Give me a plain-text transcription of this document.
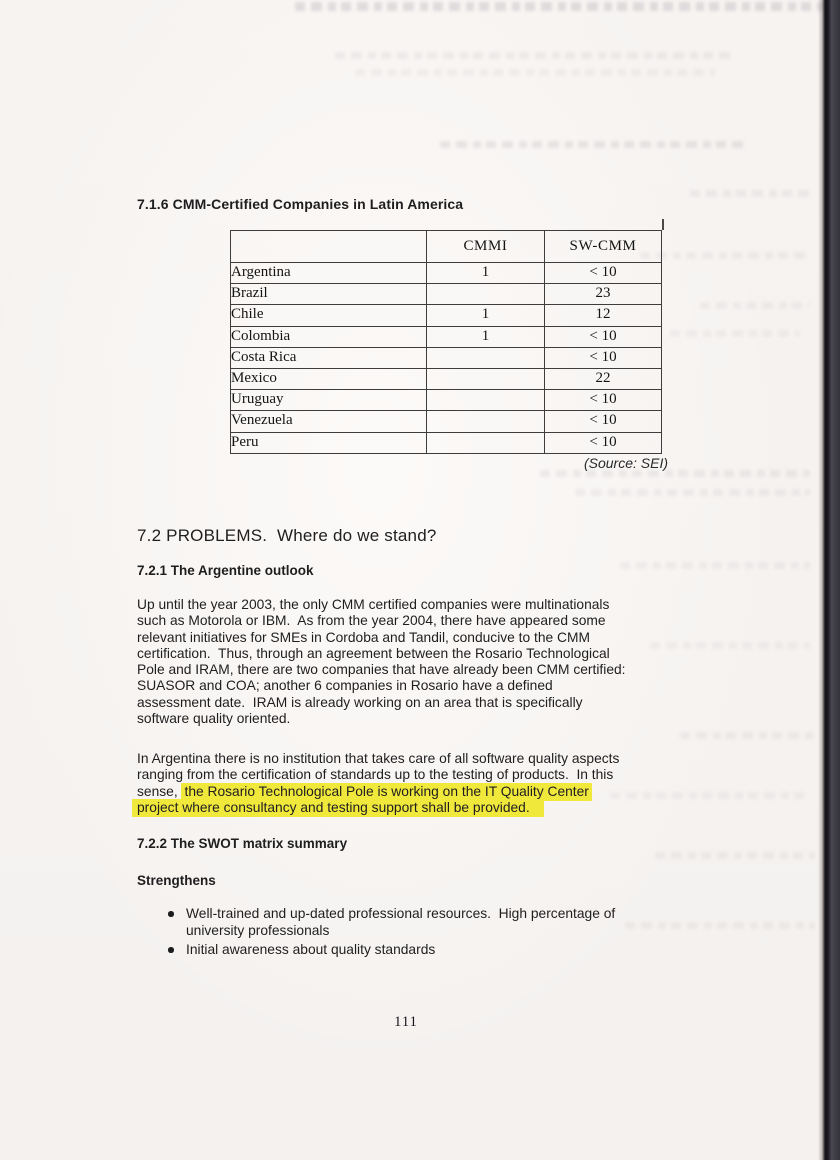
7.1.6 CMM-Certified Companies in Latin America
	CMMI	SW-CMM
Argentina	1	< 10
Brazil		23
Chile	1	12
Colombia	1	< 10
Costa Rica		< 10
Mexico		22
Uruguay		< 10
Venezuela		< 10
Peru		< 10
(Source: SEI)
7.2 PROBLEMS.  Where do we stand?
7.2.1 The Argentine outlook
Up until the year 2003, the only CMM certified companies were multinationals
such as Motorola or IBM.  As from the year 2004, there have appeared some
relevant initiatives for SMEs in Cordoba and Tandil, conducive to the CMM
certification.  Thus, through an agreement between the Rosario Technological
Pole and IRAM, there are two companies that have already been CMM certified:
SUASOR and COA; another 6 companies in Rosario have a defined
assessment date.  IRAM is already working on an area that is specifically
software quality oriented.
In Argentina there is no institution that takes care of all software quality aspects
ranging from the certification of standards up to the testing of products.  In this
sense, the Rosario Technological Pole is working on the IT Quality Center
project where consultancy and testing support shall be provided.
7.2.2 The SWOT matrix summary
Strengthens
Well-trained and up-dated professional resources.  High percentage of university professionals
Initial awareness about quality standards
111
